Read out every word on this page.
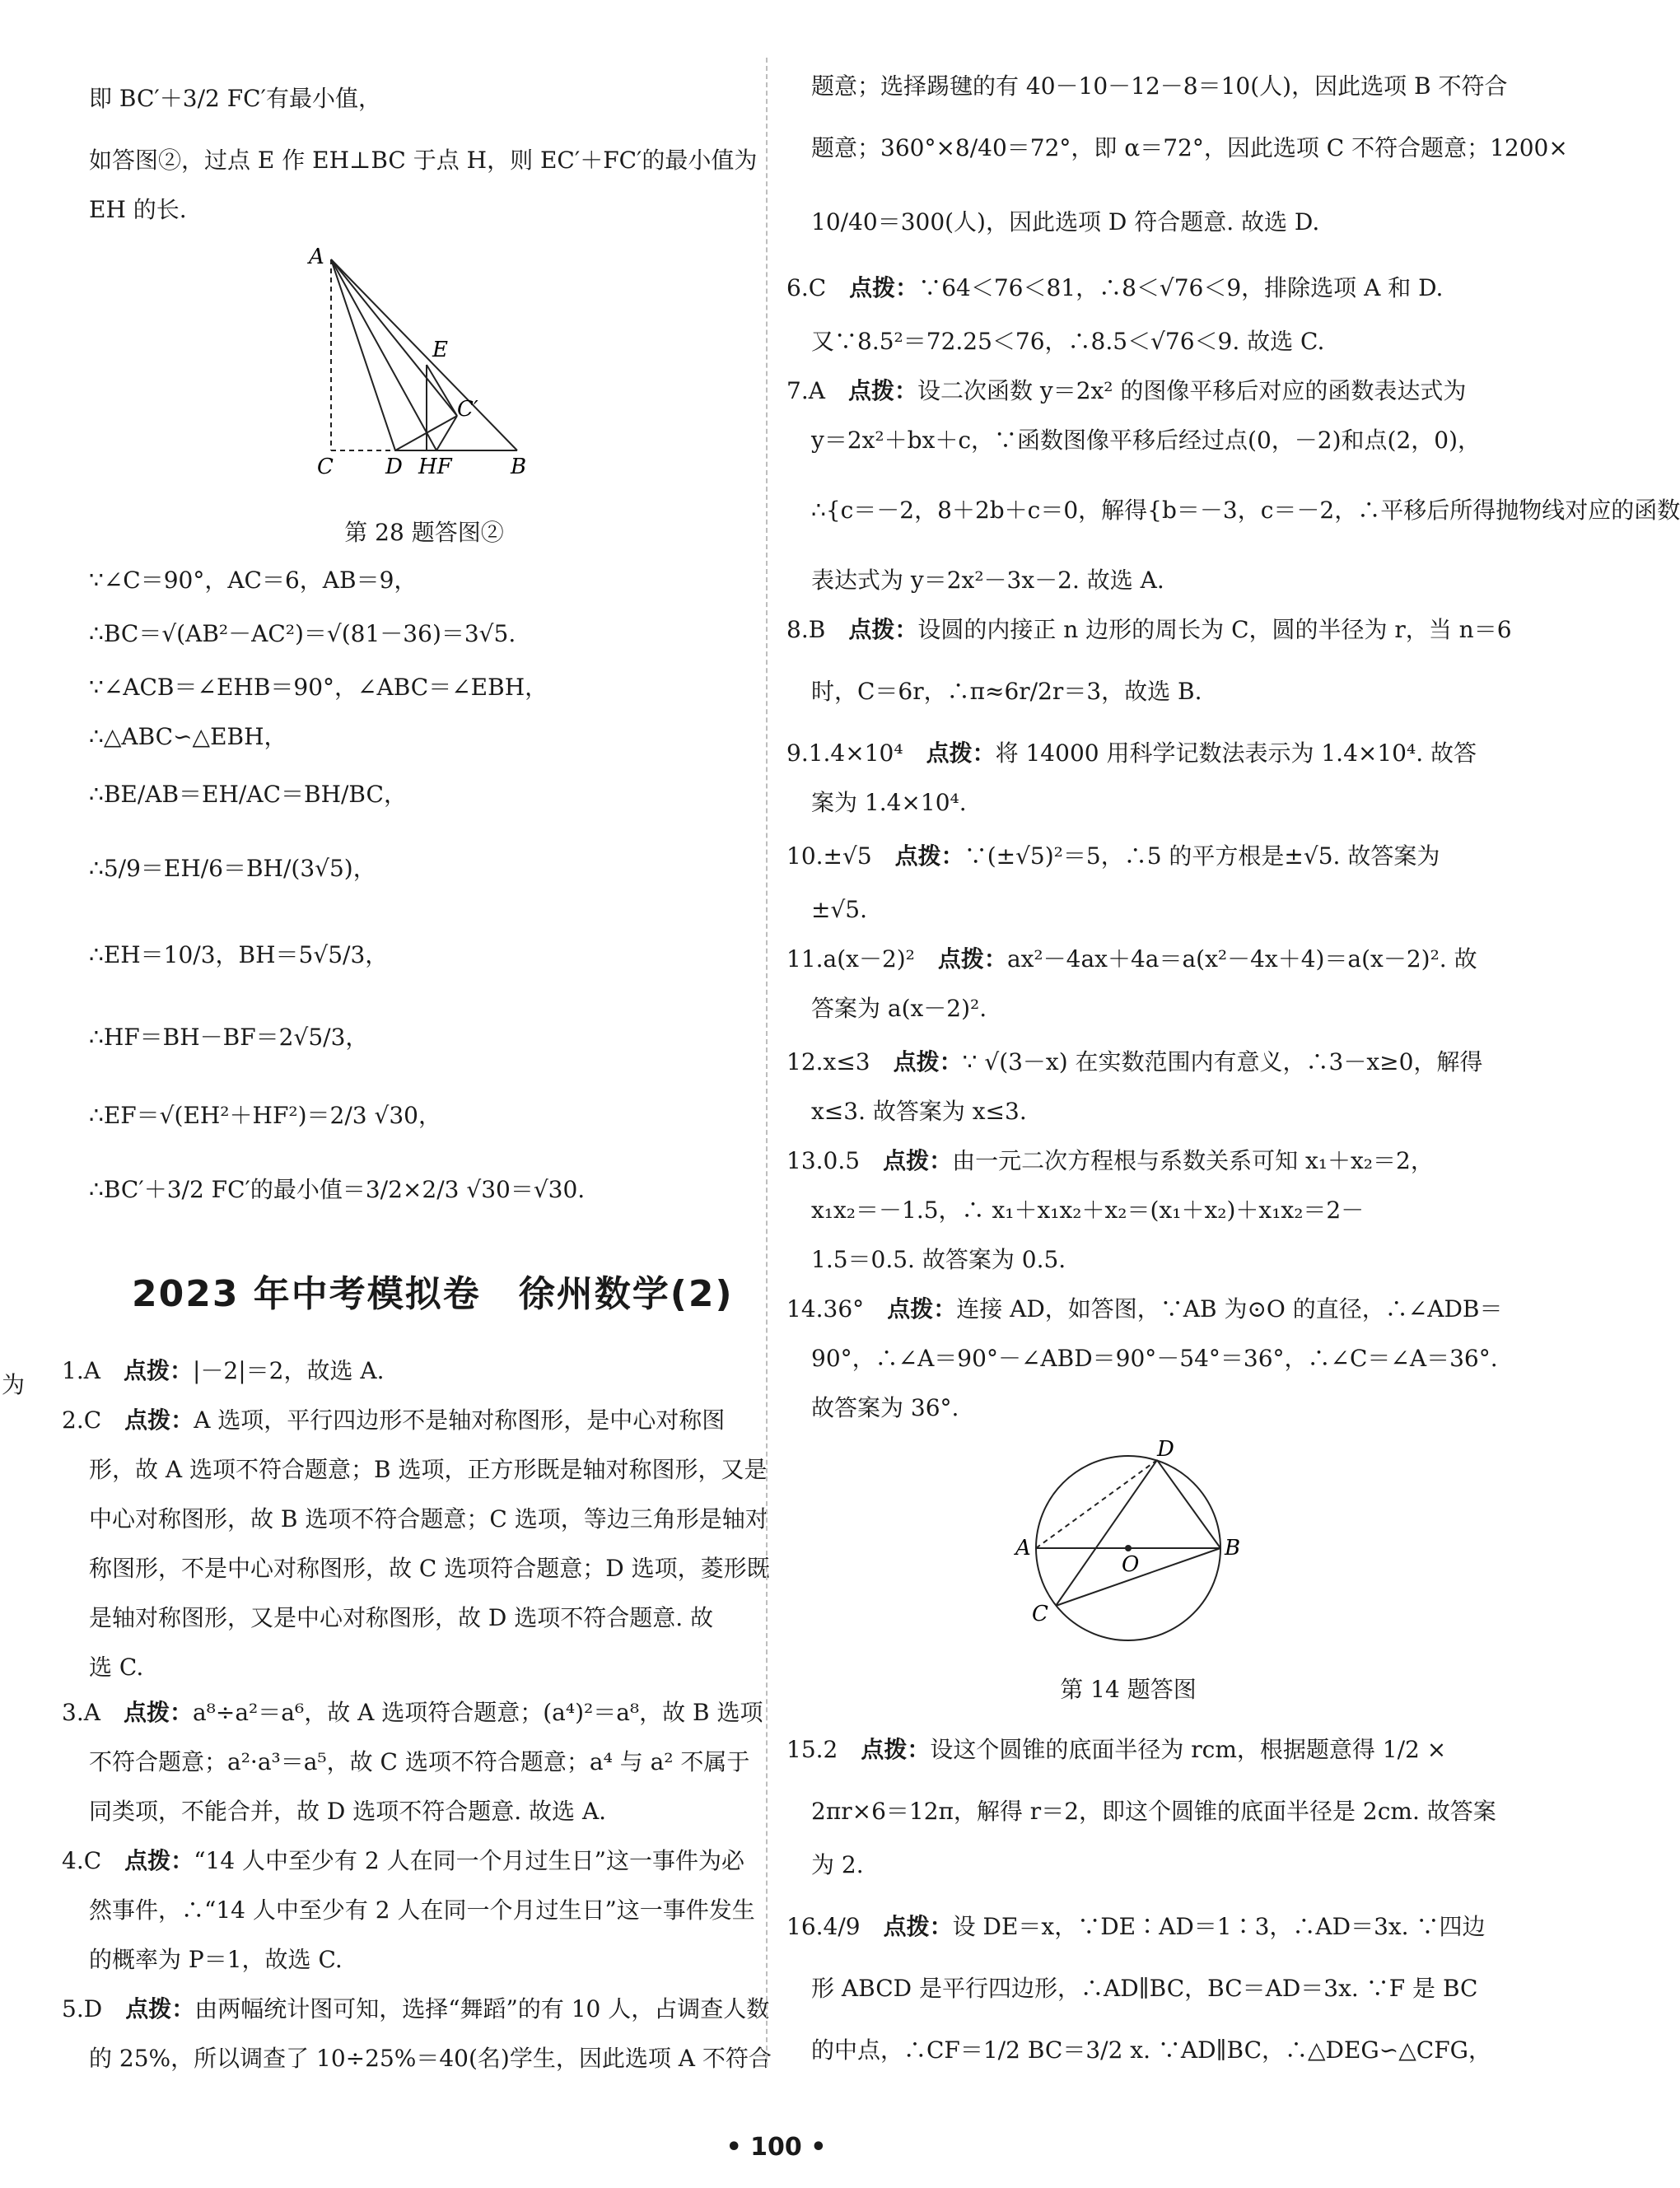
即 BC′＋3/2 FC′有最小值，
如答图②，过点 E 作 EH⊥BC 于点 H，则 EC′＋FC′的最小值为
EH 的长.
A
E
C′
C D HF	B
第 28 题答图②
∵∠C＝90°，AC＝6，AB＝9，
∴BC＝√(AB²－AC²)＝√(81－36)＝3√5.
∵∠ACB＝∠EHB＝90°，∠ABC＝∠EBH，
∴△ABC∽△EBH，
∴BE/AB＝EH/AC＝BH/BC，
∴5/9＝EH/6＝BH/(3√5)，
∴EH＝10/3，BH＝5√5/3，
∴HF＝BH－BF＝2√5/3，
∴EF＝√(EH²＋HF²)＝2/3 √30，
∴BC′＋3/2 FC′的最小值＝3/2×2/3 √30＝√30.
2023 年中考模拟卷　徐州数学(2)
为
1.A　 点拨：|－2|＝2，故选 A.
2.C　 点拨：A 选项，平行四边形不是轴对称图形，是中心对称图
形，故 A 选项不符合题意；B 选项，正方形既是轴对称图形，又是
中心对称图形，故 B 选项不符合题意；C 选项，等边三角形是轴对
称图形，不是中心对称图形，故 C 选项符合题意；D 选项，菱形既
是轴对称图形，又是中心对称图形，故 D 选项不符合题意. 故
选 C.
3.A　 点拨：a⁸÷a²＝a⁶，故 A 选项符合题意；(a⁴)²＝a⁸，故 B 选项
不符合题意；a²·a³＝a⁵，故 C 选项不符合题意；a⁴ 与 a² 不属于
同类项，不能合并，故 D 选项不符合题意. 故选 A.
4.C　 点拨：“14 人中至少有 2 人在同一个月过生日”这一事件为必
然事件，∴“14 人中至少有 2 人在同一个月过生日”这一事件发生
的概率为 P＝1，故选 C.
5.D　 点拨：由两幅统计图可知，选择“舞蹈”的有 10 人，占调查人数
的 25%，所以调查了 10÷25%＝40(名)学生，因此选项 A 不符合
题意；选择踢毽的有 40－10－12－8＝10(人)，因此选项 B 不符合
题意；360°×8/40＝72°，即 α＝72°，因此选项 C 不符合题意；1200×
10/40＝300(人)，因此选项 D 符合题意. 故选 D.
6.C　 点拨：∵64＜76＜81，∴8＜√76＜9，排除选项 A 和 D.
又∵8.5²＝72.25＜76，∴8.5＜√76＜9. 故选 C.
7.A　 点拨：设二次函数 y＝2x² 的图像平移后对应的函数表达式为
y＝2x²＋bx＋c，∵函数图像平移后经过点(0，－2)和点(2，0)，
∴{c＝－2，8＋2b＋c＝0，解得{b＝－3，c＝－2，∴平移后所得抛物线对应的函数
表达式为 y＝2x²－3x－2. 故选 A.
8.B　 点拨：设圆的内接正 n 边形的周长为 C，圆的半径为 r，当 n＝6
时，C＝6r，∴π≈6r/2r＝3，故选 B.
9.1.4×10⁴　 点拨：将 14000 用科学记数法表示为 1.4×10⁴. 故答
案为 1.4×10⁴.
10.±√5　 点拨：∵(±√5)²＝5，∴5 的平方根是±√5. 故答案为
±√5.
11.a(x－2)²　 点拨：ax²－4ax＋4a＝a(x²－4x＋4)＝a(x－2)². 故
答案为 a(x－2)².
12.x≤3　 点拨：∵ √(3－x) 在实数范围内有意义，∴3－x≥0，解得
x≤3. 故答案为 x≤3.
13.0.5　 点拨：由一元二次方程根与系数关系可知 x₁＋x₂＝2，
x₁x₂＝－1.5，∴ x₁＋x₁x₂＋x₂＝(x₁＋x₂)＋x₁x₂＝2－
1.5＝0.5. 故答案为 0.5.
14.36°　 点拨：连接 AD，如答图，∵AB 为⊙O 的直径，∴∠ADB＝
90°，∴∠A＝90°－∠ABD＝90°－54°＝36°，∴∠C＝∠A＝36°.
故答案为 36°.
D
A
O
B
C
第 14 题答图
15.2　 点拨：设这个圆锥的底面半径为 rcm，根据题意得 1/2 ×
2πr×6＝12π，解得 r＝2，即这个圆锥的底面半径是 2cm. 故答案
为 2.
16.4/9　 点拨：设 DE＝x，∵DE∶AD＝1∶3，∴AD＝3x. ∵四边
形 ABCD 是平行四边形，∴AD∥BC，BC＝AD＝3x. ∵F 是 BC
的中点，∴CF＝1/2 BC＝3/2 x. ∵AD∥BC，∴△DEG∽△CFG，
• 100 •
